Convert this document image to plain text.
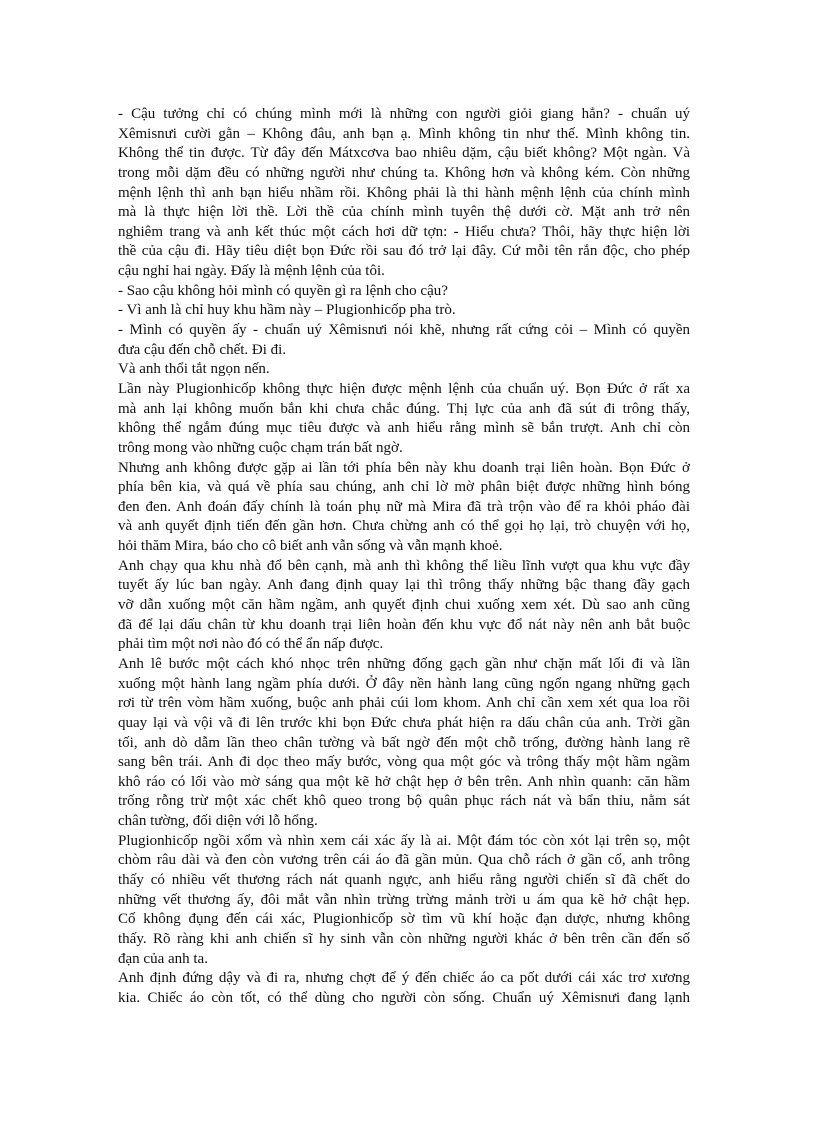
- Cậu tưởng chỉ có chúng mình mới là những con người giỏi giang hẳn? - chuẩn uý
Xêmisnưi cười gằn – Không đâu, anh bạn ạ. Mình không tin như thế. Mình không tin.
Không thể tin được. Từ đây đến Mátxcơva bao nhiêu dặm, cậu biết không? Một ngàn. Và
trong mỗi dặm đều có những người như chúng ta. Không hơn và không kém. Còn những
mệnh lệnh thì anh bạn hiểu nhầm rồi. Không phải là thi hành mệnh lệnh của chính mình
mà là thực hiện lời thề. Lời thề của chính mình tuyên thệ dưới cờ. Mặt anh trở nên
nghiêm trang và anh kết thúc một cách hơi dữ tợn: - Hiểu chưa? Thôi, hãy thực hiện lời
thề của cậu đi. Hãy tiêu diệt bọn Đức rồi sau đó trở lại đây. Cứ mỗi tên rắn độc, cho phép
cậu nghỉ hai ngày. Đấy là mệnh lệnh của tôi.
- Sao cậu không hỏi mình có quyền gì ra lệnh cho cậu?
- Vì anh là chỉ huy khu hầm này – Plugionhicốp pha trò.
- Mình có quyền ấy - chuẩn uý Xêmisnưi nói khẽ, nhưng rất cứng cỏi – Mình có quyền
đưa cậu đến chỗ chết. Đi đi.
Và anh thổi tắt ngọn nến.
Lần này Plugionhicốp không thực hiện được mệnh lệnh của chuẩn uý. Bọn Đức ở rất xa
mà anh lại không muốn bắn khi chưa chắc đúng. Thị lực của anh đã sút đi trông thấy,
không thể ngắm đúng mục tiêu được và anh hiểu rằng mình sẽ bắn trượt. Anh chỉ còn
trông mong vào những cuộc chạm trán bất ngờ.
Nhưng anh không được gặp ai lần tới phía bên này khu doanh trại liên hoàn. Bọn Đức ở
phía bên kia, và quá về phía sau chúng, anh chỉ lờ mờ phân biệt được những hình bóng
đen đen. Anh đoán đấy chính là toán phụ nữ mà Mira đã trà trộn vào để ra khỏi pháo đài
và anh quyết định tiến đến gần hơn. Chưa chừng anh có thể gọi họ lại, trò chuyện với họ,
hỏi thăm Mira, báo cho cô biết anh vẫn sống và vẫn mạnh khoẻ.
Anh chạy qua khu nhà đổ bên cạnh, mà anh thì không thể liều lĩnh vượt qua khu vực đầy
tuyết ấy lúc ban ngày. Anh đang định quay lại thì trông thấy những bậc thang đầy gạch
vỡ dẫn xuống một căn hầm ngầm, anh quyết định chui xuống xem xét. Dù sao anh cũng
đã để lại dấu chân từ khu doanh trại liên hoàn đến khu vực đổ nát này nên anh bắt buộc
phải tìm một nơi nào đó có thể ẩn nấp được.
Anh lê bước một cách khó nhọc trên những đống gạch gần như chặn mất lối đi và lần
xuống một hành lang ngầm phía dưới. Ở đây nền hành lang cũng ngổn ngang những gạch
rơi từ trên vòm hầm xuống, buộc anh phải cúi lom khom. Anh chỉ cần xem xét qua loa rồi
quay lại và vội vã đi lên trước khi bọn Đức chưa phát hiện ra dấu chân của anh. Trời gần
tối, anh dò dẫm lần theo chân tường và bất ngờ đến một chỗ trống, đường hành lang rẽ
sang bên trái. Anh đi dọc theo mấy bước, vòng qua một góc và trông thấy một hầm ngầm
khô ráo có lối vào mờ sáng qua một kẽ hở chật hẹp ở bên trên. Anh nhìn quanh: căn hầm
trống rỗng trừ một xác chết khô queo trong bộ quân phục rách nát và bẩn thỉu, nằm sát
chân tường, đối diện với lỗ hổng.
Plugionhicốp ngồi xổm và nhìn xem cái xác ấy là ai. Một đám tóc còn xót lại trên sọ, một
chòm râu dài và đen còn vương trên cái áo đã gần mủn. Qua chỗ rách ở gần cổ, anh trông
thấy có nhiều vết thương rách nát quanh ngực, anh hiểu rằng người chiến sĩ đã chết do
những vết thương ấy, đôi mắt vẫn nhìn trừng trừng mảnh trời u ám qua kẽ hở chật hẹp.
Cố không đụng đến cái xác, Plugionhicốp sờ tìm vũ khí hoặc đạn dược, nhưng không
thấy. Rõ ràng khi anh chiến sĩ hy sinh vẫn còn những người khác ở bên trên cần đến số
đạn của anh ta.
Anh định đứng dậy và đi ra, nhưng chợt để ý đến chiếc áo ca pốt dưới cái xác trơ xương
kia. Chiếc áo còn tốt, có thể dùng cho người còn sống. Chuẩn uý Xêmisnưi đang lạnh
